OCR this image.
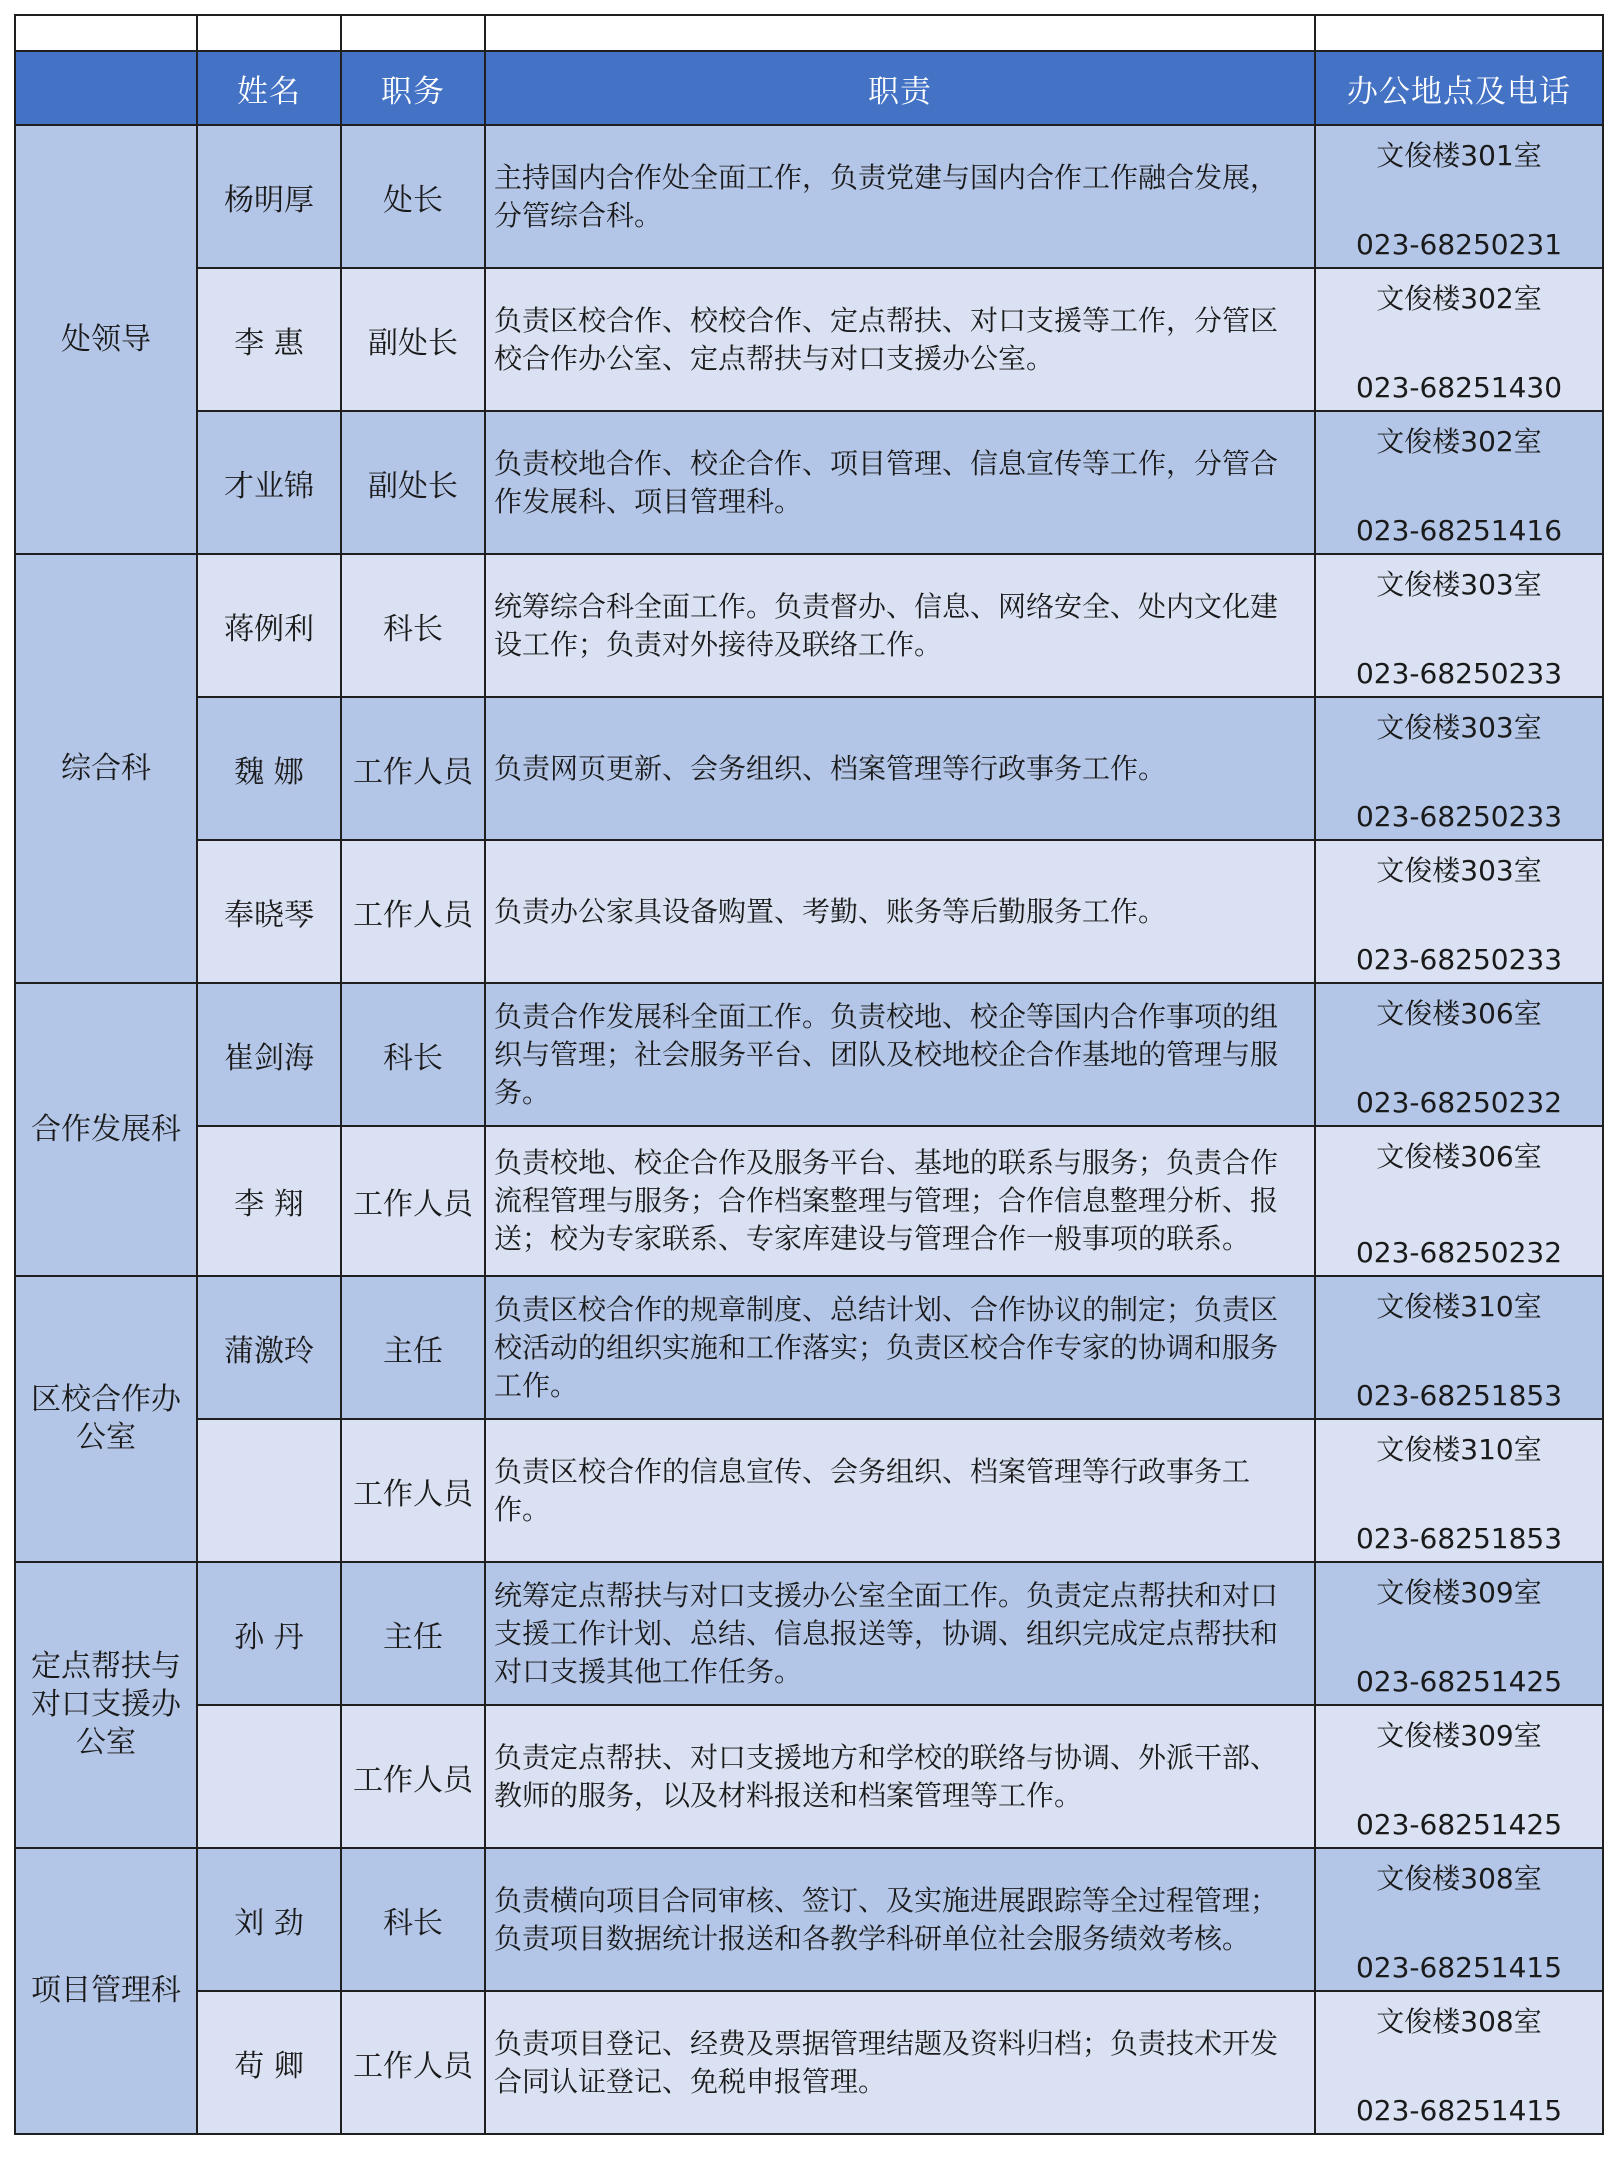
	姓名	职务	职责	办公地点及电话
处领导	杨明厚	处长	主持国内合作处全面工作，负责党建与国内合作工作融合发展，分管综合科。	文俊楼301室
023-68250231

	李 惠	副处长	负责区校合作、校校合作、定点帮扶、对口支援等工作，分管区校合作办公室、定点帮扶与对口支援办公室。	文俊楼302室
023-68251430

	才业锦	副处长	负责校地合作、校企合作、项目管理、信息宣传等工作，分管合作发展科、项目管理科。	文俊楼302室
023-68251416

综合科	蒋例利	科长	统筹综合科全面工作。负责督办、信息、网络安全、处内文化建设工作；负责对外接待及联络工作。	文俊楼303室
023-68250233

	魏 娜	工作人员	负责网页更新、会务组织、档案管理等行政事务工作。	文俊楼303室
023-68250233

	奉晓琴	工作人员	负责办公家具设备购置、考勤、账务等后勤服务工作。	文俊楼303室
023-68250233

合作发展科	崔剑海	科长	负责合作发展科全面工作。负责校地、校企等国内合作事项的组织与管理；社会服务平台、团队及校地校企合作基地的管理与服务。	文俊楼306室
023-68250232

	李 翔	工作人员	负责校地、校企合作及服务平台、基地的联系与服务；负责合作流程管理与服务；合作档案整理与管理；合作信息整理分析、报送；校为专家联系、专家库建设与管理合作一般事项的联系。	文俊楼306室
023-68250232

区校合作办公室	蒲激玲	主任	负责区校合作的规章制度、总结计划、合作协议的制定；负责区校活动的组织实施和工作落实；负责区校合作专家的协调和服务工作。	文俊楼310室
023-68251853

		工作人员	负责区校合作的信息宣传、会务组织、档案管理等行政事务工作。	文俊楼310室
023-68251853

定点帮扶与对口支援办公室	孙 丹	主任	统筹定点帮扶与对口支援办公室全面工作。负责定点帮扶和对口支援工作计划、总结、信息报送等，协调、组织完成定点帮扶和对口支援其他工作任务。	文俊楼309室
023-68251425

		工作人员	负责定点帮扶、对口支援地方和学校的联络与协调、外派干部、教师的服务，以及材料报送和档案管理等工作。	文俊楼309室
023-68251425

项目管理科	刘 劲	科长	负责横向项目合同审核、签订、及实施进展跟踪等全过程管理；负责项目数据统计报送和各教学科研单位社会服务绩效考核。	文俊楼308室
023-68251415

	苟 卿	工作人员	负责项目登记、经费及票据管理结题及资料归档；负责技术开发合同认证登记、免税申报管理。	文俊楼308室
023-68251415
